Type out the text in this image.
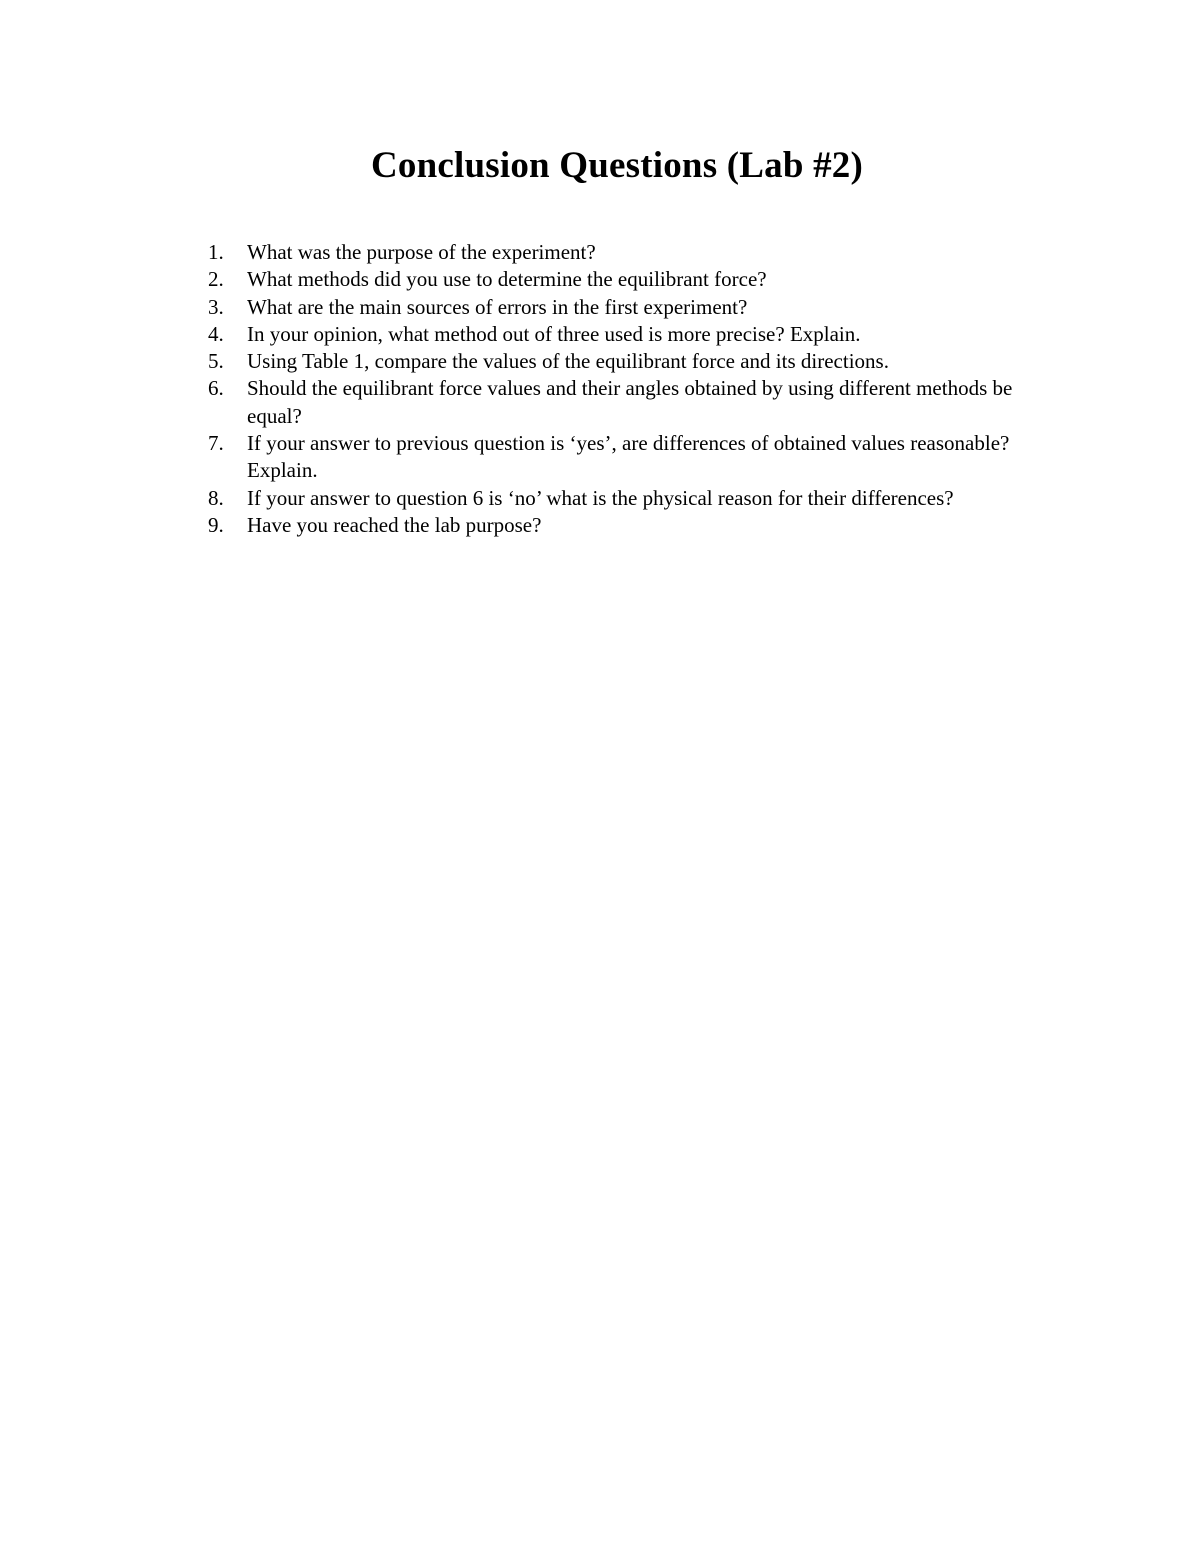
Conclusion Questions (Lab #2)
1.	What was the purpose of the experiment?
2.	What methods did you use to determine the equilibrant force?
3.	What are the main sources of errors in the first experiment?
4.	In your opinion, what method out of three used is more precise? Explain.
5.	Using Table 1, compare the values of the equilibrant force and its directions.
6.	Should the equilibrant force values and their angles obtained by using different methods be equal?
7.	If your answer to previous question is ‘yes’, are differences of obtained values reasonable? Explain.
8.	If your answer to question 6 is ‘no’ what is the physical reason for their differences?
9.	Have you reached the lab purpose?
